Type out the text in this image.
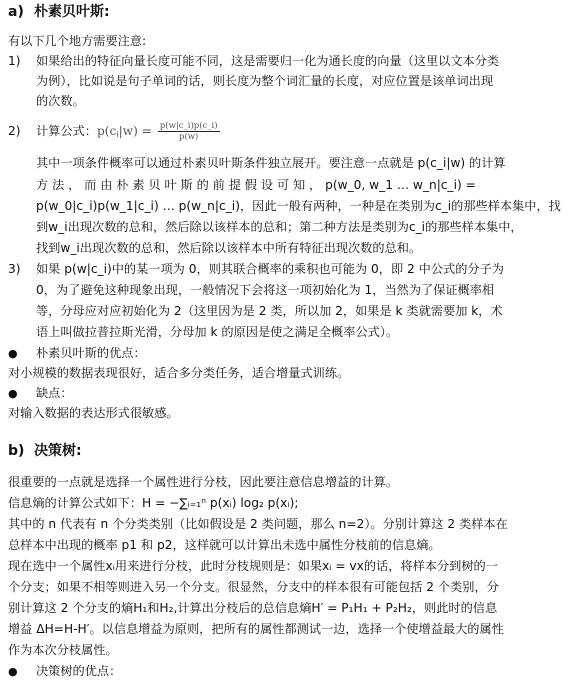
a) 朴素贝叶斯:
有以下几个地方需要注意:
1) 如果给出的特征向量长度可能不同，这是需要归一化为通长度的向量（这里以文本分类
为例），比如说是句子单词的话，则长度为整个词汇量的长度，对应位置是该单词出现
的次数。
2) 计算公式：$p(c_i|w) = \frac{p(w|c\_i)p(c\_i)}{p(w)}$
其中一项条件概率可以通过朴素贝叶斯条件独立展开。要注意一点就是 p(c_i|w) 的计算
方 法 ， 而 由 朴 素 贝 叶 斯 的 前 提 假 设 可 知 ， p(w_0, w_1 … w_n|c_i) =
p(w_0|c_i)p(w_1|c_i) … p(w_n|c_i)，因此一般有两种，一种是在类别为c_i的那些样本集中，找
到w_i出现次数的总和，然后除以该样本的总和；第二种方法是类别为c_i的那些样本集中，
找到w_i出现次数的总和，然后除以该样本中所有特征出现次数的总和。
3) 如果 p(w|c_i)中的某一项为 0，则其联合概率的乘积也可能为 0，即 2 中公式的分子为
0，为了避免这种现象出现，一般情况下会将这一项初始化为 1，当然为了保证概率相
等，分母应对应初始化为 2（这里因为是 2 类，所以加 2，如果是 k 类就需要加 k，术
语上叫做拉普拉斯光滑，分母加 k 的原因是使之满足全概率公式）。
● 朴素贝叶斯的优点：
对小规模的数据表现很好，适合多分类任务，适合增量式训练。
● 缺点：
对输入数据的表达形式很敏感。
b) 决策树:
很重要的一点就是选择一个属性进行分枝，因此要注意信息增益的计算。
信息熵的计算公式如下：H = −∑ᵢ₌₁ⁿ p(xᵢ) log₂ p(xᵢ);
其中的 n 代表有 n 个分类类别（比如假设是 2 类问题，那么 n=2）。分别计算这 2 类样本在
总样本中出现的概率 p1 和 p2，这样就可以计算出未选中属性分枝前的信息熵。
现在选中一个属性xᵢ用来进行分枝，此时分枝规则是：如果xᵢ = vx的话，将样本分到树的一
个分支；如果不相等则进入另一个分支。很显然，分支中的样本很有可能包括 2 个类别，分
别计算这 2 个分支的熵H₁和H₂,计算出分枝后的总信息熵H′ = P₁H₁ + P₂H₂，则此时的信息
增益 ΔH=H-H′。以信息增益为原则，把所有的属性都测试一边，选择一个使增益最大的属性
作为本次分枝属性。
● 决策树的优点：
